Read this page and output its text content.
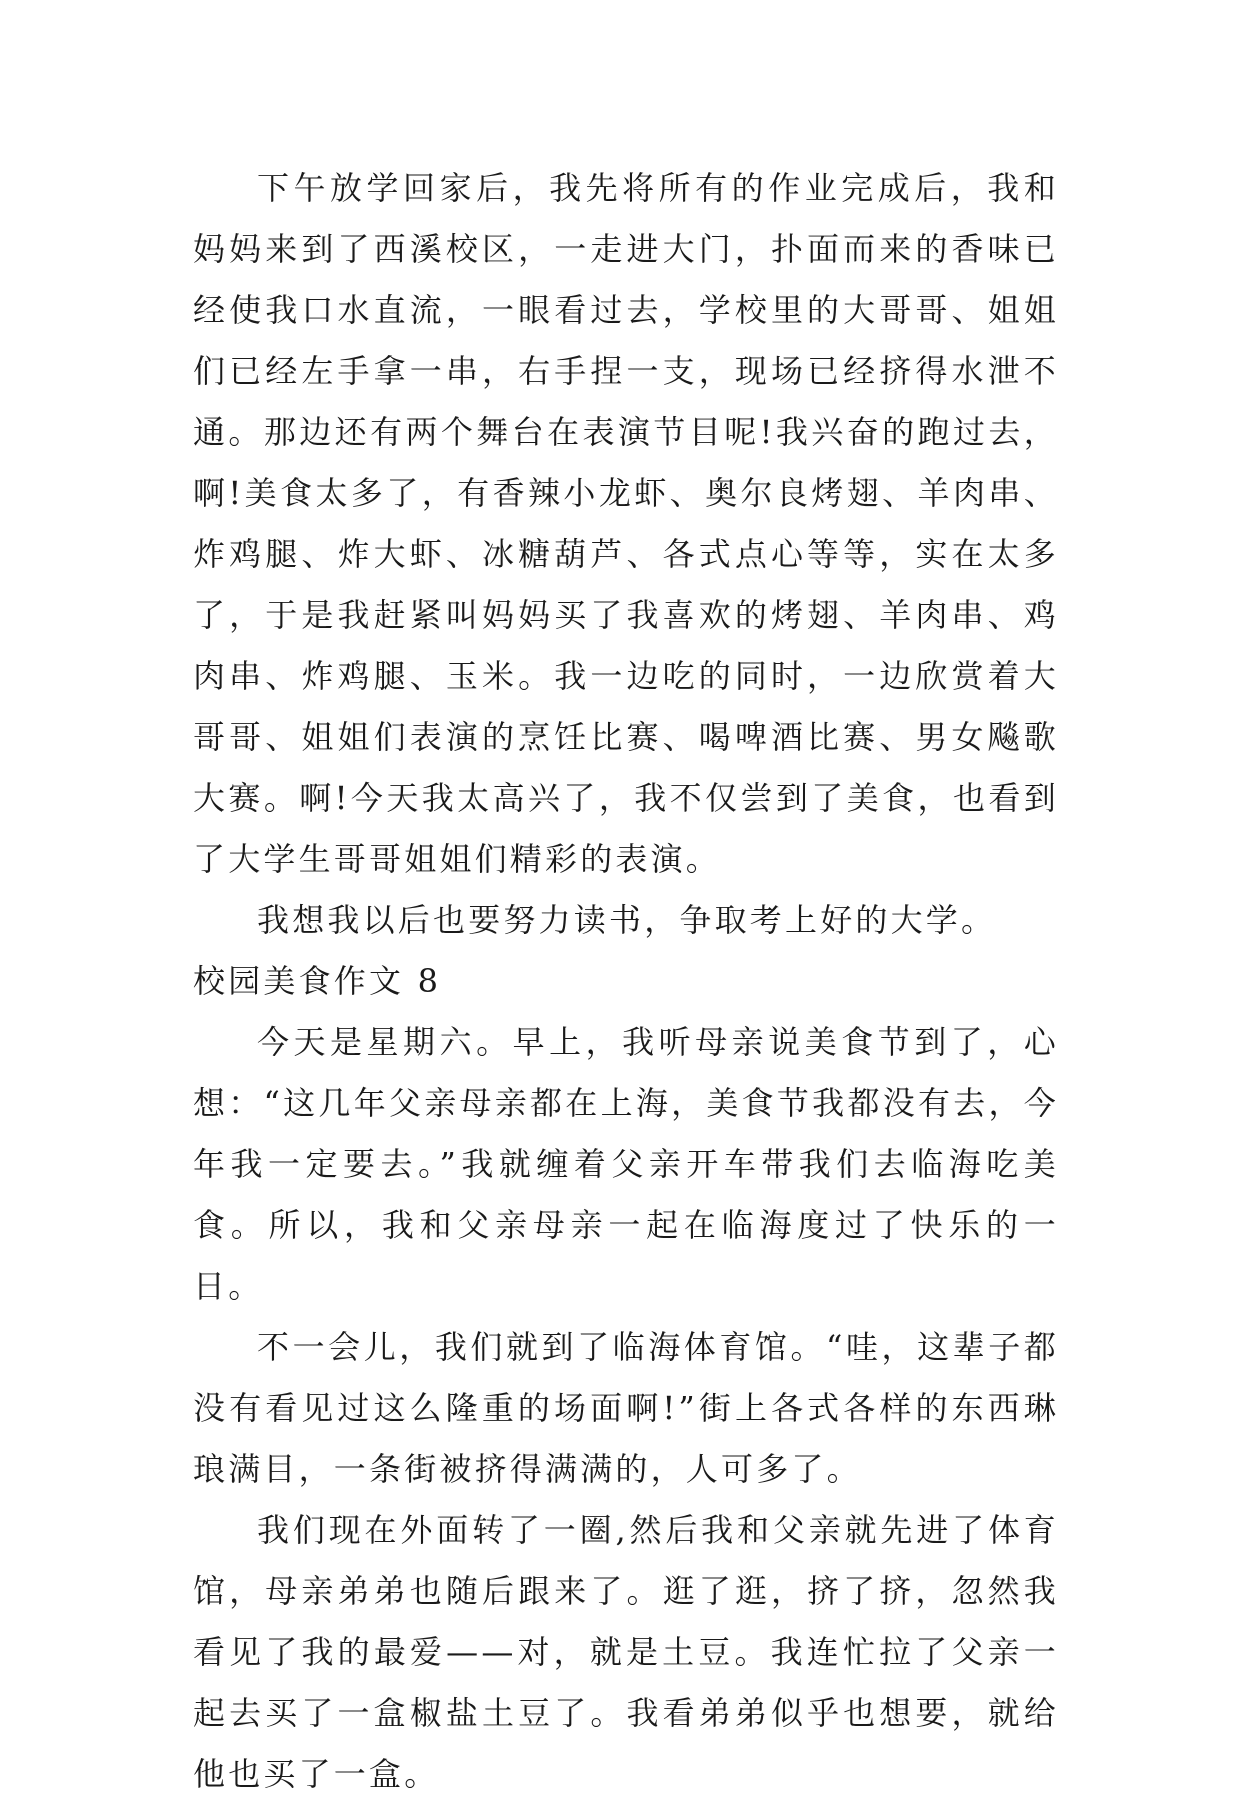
下午放学回家后，我先将所有的作业完成后，我和妈妈来到了西溪校区，一走进大门，扑面而来的香味已经使我口水直流，一眼看过去，学校里的大哥哥、姐姐们已经左手拿一串，右手捏一支，现场已经挤得水泄不通。那边还有两个舞台在表演节目呢!我兴奋的跑过去，啊!美食太多了，有香辣小龙虾、奥尔良烤翅、羊肉串、炸鸡腿、炸大虾、冰糖葫芦、各式点心等等，实在太多了，于是我赶紧叫妈妈买了我喜欢的烤翅、羊肉串、鸡肉串、炸鸡腿、玉米。我一边吃的同时，一边欣赏着大哥哥、姐姐们表演的烹饪比赛、喝啤酒比赛、男女飚歌大赛。啊!今天我太高兴了，我不仅尝到了美食，也看到了大学生哥哥姐姐们精彩的表演。

我想我以后也要努力读书，争取考上好的大学。

校园美食作文 8

今天是星期六。早上，我听母亲说美食节到了，心想：“这几年父亲母亲都在上海，美食节我都没有去，今年我一定要去。”我就缠着父亲开车带我们去临海吃美食。所以，我和父亲母亲一起在临海度过了快乐的一日。

不一会儿，我们就到了临海体育馆。“哇，这辈子都没有看见过这么隆重的场面啊!”街上各式各样的东西琳琅满目，一条街被挤得满满的，人可多了。

我们现在外面转了一圈,然后我和父亲就先进了体育馆，母亲弟弟也随后跟来了。逛了逛，挤了挤，忽然我看见了我的最爱——对，就是土豆。我连忙拉了父亲一起去买了一盒椒盐土豆了。我看弟弟似乎也想要，就给他也买了一盒。
